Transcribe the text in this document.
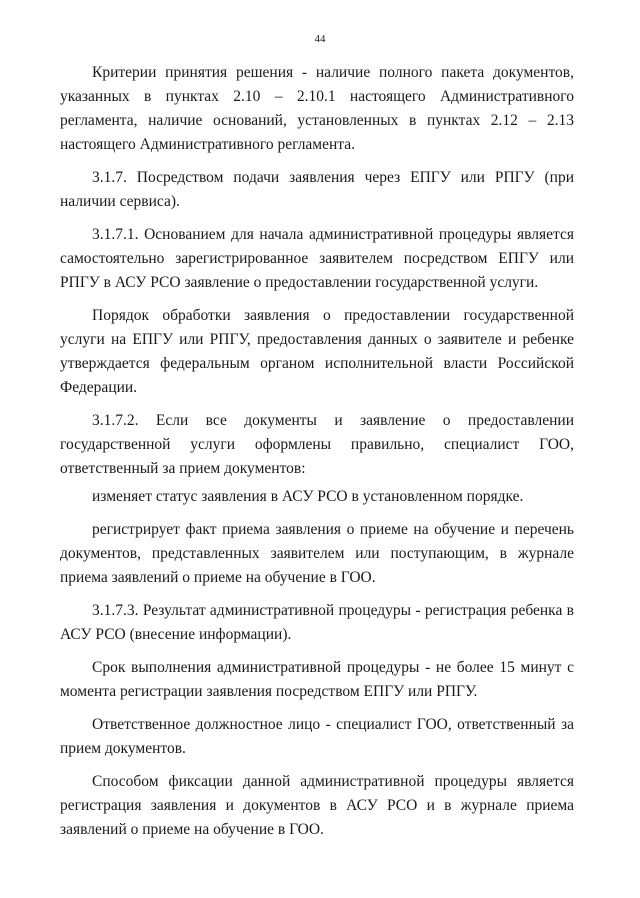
44

Критерии принятия решения - наличие полного пакета документов, указанных в пунктах 2.10 – 2.10.1 настоящего Административного регламента, наличие оснований, установленных в пунктах 2.12 – 2.13 настоящего Административного регламента.

3.1.7. Посредством подачи заявления через ЕПГУ или РПГУ (при наличии сервиса).

3.1.7.1. Основанием для начала административной процедуры является самостоятельно зарегистрированное заявителем посредством ЕПГУ или РПГУ в АСУ РСО заявление о предоставлении государственной услуги.

Порядок обработки заявления о предоставлении государственной услуги на ЕПГУ или РПГУ, предоставления данных о заявителе и ребенке утверждается федеральным органом исполнительной власти Российской Федерации.

3.1.7.2. Если все документы и заявление о предоставлении государственной услуги оформлены правильно, специалист ГОО, ответственный за прием документов:

изменяет статус заявления в АСУ РСО в установленном порядке.

регистрирует факт приема заявления о приеме на обучение и перечень документов, представленных заявителем или поступающим, в журнале приема заявлений о приеме на обучение в ГОО.

3.1.7.3. Результат административной процедуры - регистрация ребенка в АСУ РСО (внесение информации).

Срок выполнения административной процедуры - не более 15 минут с момента регистрации заявления посредством ЕПГУ или РПГУ.

Ответственное должностное лицо - специалист ГОО, ответственный за прием документов.

Способом фиксации данной административной процедуры является регистрация заявления и документов в АСУ РСО и в журнале приема заявлений о приеме на обучение в ГОО.
